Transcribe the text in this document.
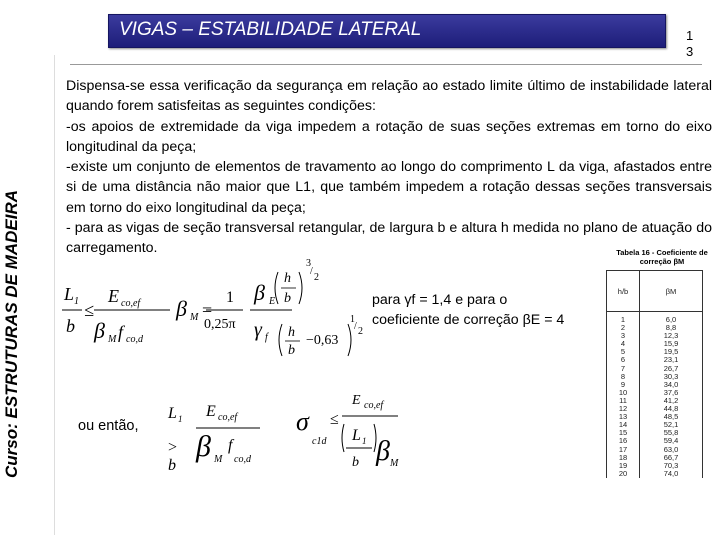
Curso: ESTRUTURAS DE MADEIRA
VIGAS – ESTABILIDADE LATERAL	1
3

Dispensa-se essa verificação da segurança em relação ao estado limite último de instabilidade lateral quando forem satisfeitas as seguintes condições:

-os apoios de extremidade da viga impedem a rotação de suas seções extremas em torno do eixo longitudinal da peça;

-existe um conjunto de elementos de travamento ao longo do comprimento L da viga, afastados entre si de uma distância não maior que L1, que também impedem a rotação dessas seções transversais em torno do eixo longitudinal da peça;

- para as vigas de seção transversal retangular, de largura b e altura h medida no plano de atuação do carregamento.

L 1
b
≤
E co,ef
β M f co,d
β M =
1
0,25π
β E
γ f
h
b
3
/
2
h
b
−0,63
1
/ 2
para γf = 1,4 e para o
coeficiente de correção βE = 4
ou então,
L 1
>
b
E co,ef
β M
f
co,d
σ
c1d
≤
E co,ef
L 1
b β M
Tabela 16 - Coeficiente de correção βM
h/b	βM
1	6,0
2	8,8
3	12,3
4	15,9
5	19,5
6	23,1
7	26,7
8	30,3
9	34,0
10	37,6
11	41,2
12	44,8
13	48,5
14	52,1
15	55,8
16	59,4
17	63,0
18	66,7
19	70,3
20	74,0
